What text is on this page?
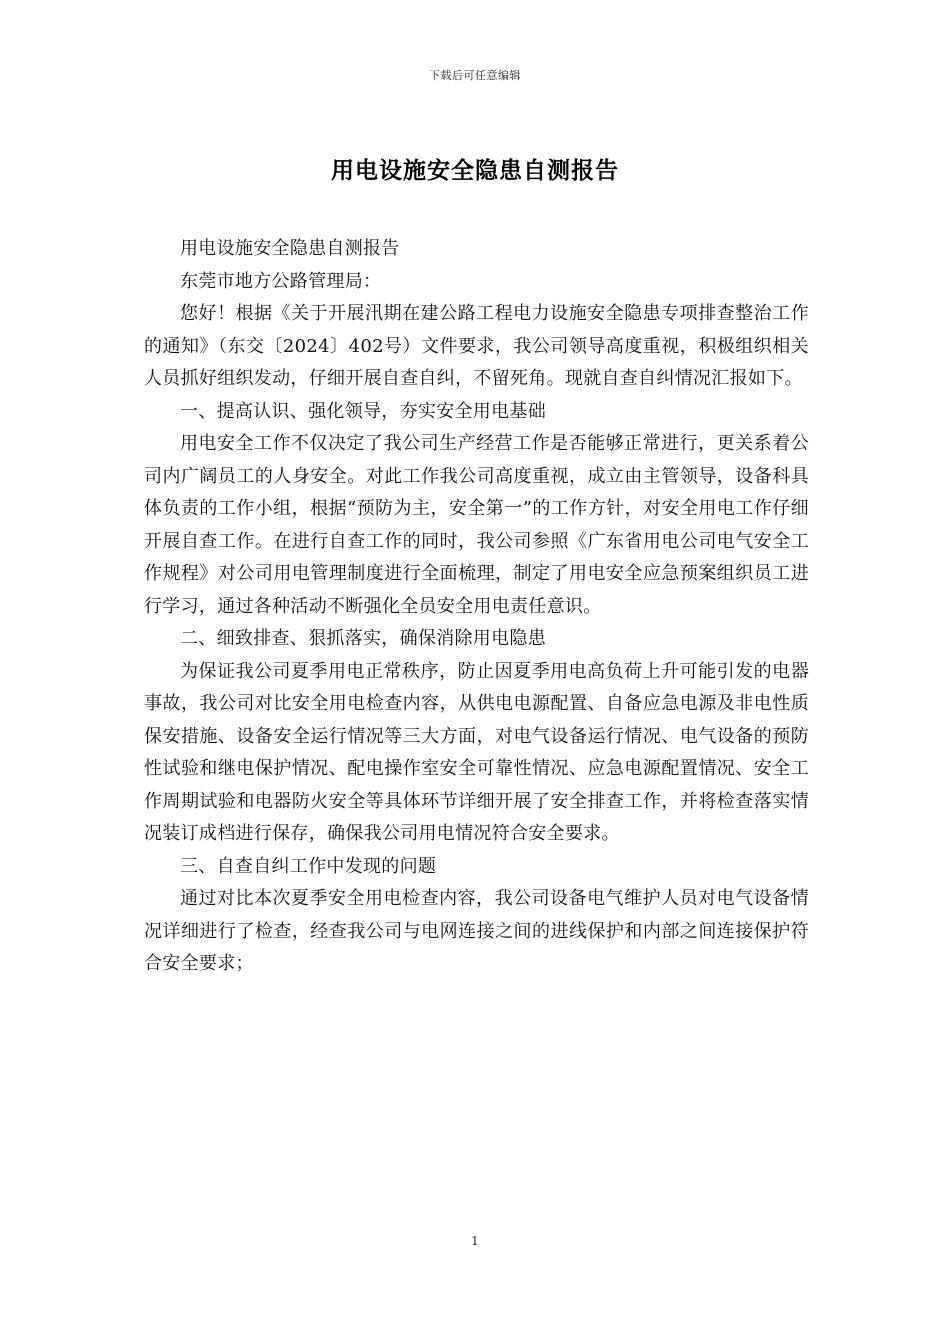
下载后可任意编辑
用电设施安全隐患自测报告

用电设施安全隐患自测报告

东莞市地方公路管理局：

您好！根据《关于开展汛期在建公路工程电力设施安全隐患专项排查整治工作的通知》（东交〔2024〕402号）文件要求，我公司领导高度重视，积极组织相关人员抓好组织发动，仔细开展自查自纠，不留死角。现就自查自纠情况汇报如下。

一、提高认识、强化领导，夯实安全用电基础

用电安全工作不仅决定了我公司生产经营工作是否能够正常进行，更关系着公司内广阔员工的人身安全。对此工作我公司高度重视，成立由主管领导，设备科具体负责的工作小组，根据“预防为主，安全第一”的工作方针，对安全用电工作仔细开展自查工作。在进行自查工作的同时，我公司参照《广东省用电公司电气安全工作规程》对公司用电管理制度进行全面梳理，制定了用电安全应急预案组织员工进行学习，通过各种活动不断强化全员安全用电责任意识。

二、细致排查、狠抓落实，确保消除用电隐患

为保证我公司夏季用电正常秩序，防止因夏季用电高负荷上升可能引发的电器事故，我公司对比安全用电检查内容，从供电电源配置、自备应急电源及非电性质保安措施、设备安全运行情况等三大方面，对电气设备运行情况、电气设备的预防性试验和继电保护情况、配电操作室安全可靠性情况、应急电源配置情况、安全工作周期试验和电器防火安全等具体环节详细开展了安全排查工作，并将检查落实情况装订成档进行保存，确保我公司用电情况符合安全要求。

三、自查自纠工作中发现的问题

通过对比本次夏季安全用电检查内容，我公司设备电气维护人员对电气设备情况详细进行了检查，经查我公司与电网连接之间的进线保护和内部之间连接保护符合安全要求；

1
